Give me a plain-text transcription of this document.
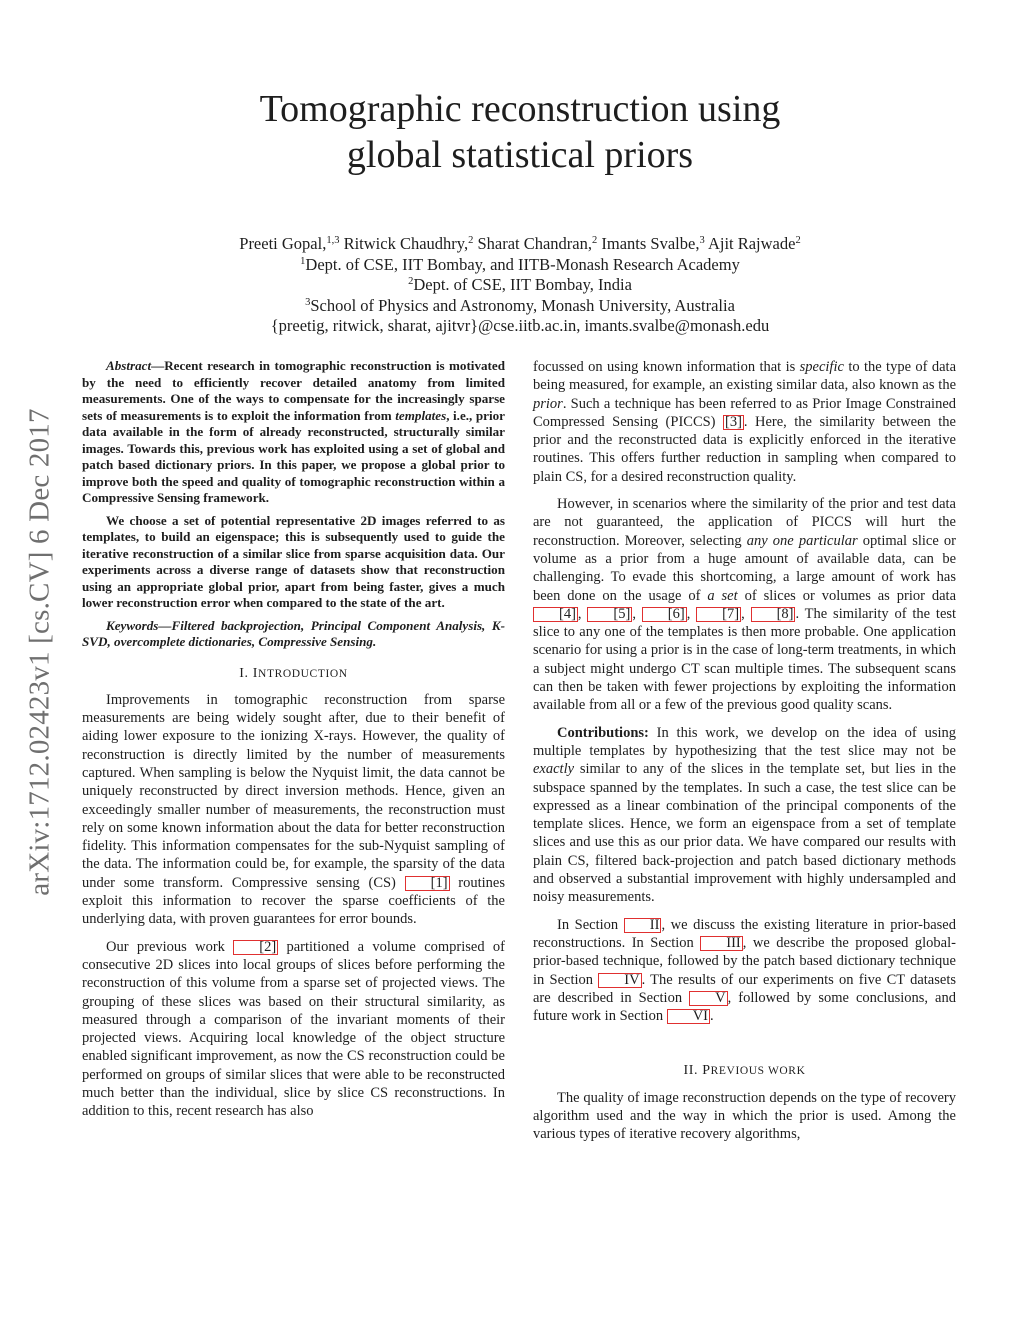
arXiv:1712.02423v1 [cs.CV] 6 Dec 2017
Tomographic reconstruction using
global statistical priors
Preeti Gopal,$^{1,3}$ Ritwick Chaudhry,$^2$ Sharat Chandran,$^2$ Imants Svalbe,$^3$ Ajit Rajwade$^2$
$^1$Dept. of CSE, IIT Bombay, and IITB-Monash Research Academy
$^2$Dept. of CSE, IIT Bombay, India
$^3$School of Physics and Astronomy, Monash University, Australia
{preetig, ritwick, sharat, ajitvr}@cse.iitb.ac.in, imants.svalbe@monash.edu

Abstract—Recent research in tomographic reconstruction is motivated by the need to efficiently recover detailed anatomy from limited measurements. One of the ways to compensate for the increasingly sparse sets of measurements is to exploit the information from templates, i.e., prior data available in the form of already reconstructed, structurally similar images. Towards this, previous work has exploited using a set of global and patch based dictionary priors. In this paper, we propose a global prior to improve both the speed and quality of tomographic reconstruction within a Compressive Sensing framework.

We choose a set of potential representative 2D images referred to as templates, to build an eigenspace; this is subsequently used to guide the iterative reconstruction of a similar slice from sparse acquisition data. Our experiments across a diverse range of datasets show that reconstruction using an appropriate global prior, apart from being faster, gives a much lower reconstruction error when compared to the state of the art.

Keywords—Filtered backprojection, Principal Component Analysis, K-SVD, overcomplete dictionaries, Compressive Sensing.

I. INTRODUCTION

Improvements in tomographic reconstruction from sparse measurements are being widely sought after, due to their benefit of aiding lower exposure to the ionizing X-rays. However, the quality of reconstruction is directly limited by the number of measurements captured. When sampling is below the Nyquist limit, the data cannot be uniquely reconstructed by direct inversion methods. Hence, given an exceedingly smaller number of measurements, the reconstruction must rely on some known information about the data for better reconstruction fidelity. This information compensates for the sub-Nyquist sampling of the data. The information could be, for example, the sparsity of the data under some transform. Compressive sensing (CS) [1] routines exploit this information to recover the sparse coefficients of the underlying data, with proven guarantees for error bounds.

Our previous work [2] partitioned a volume comprised of consecutive 2D slices into local groups of slices before performing the reconstruction of this volume from a sparse set of projected views. The grouping of these slices was based on their structural similarity, as measured through a comparison of the invariant moments of their projected views. Acquiring local knowledge of the object structure enabled significant improvement, as now the CS reconstruction could be performed on groups of similar slices that were able to be reconstructed much better than the individual, slice by slice CS reconstructions. In addition to this, recent research has also

focussed on using known information that is specific to the type of data being measured, for example, an existing similar data, also known as the prior. Such a technique has been referred to as Prior Image Constrained Compressed Sensing (PICCS) [3] . Here, the similarity between the prior and the reconstructed data is explicitly enforced in the iterative routines. This offers further reduction in sampling when compared to plain CS, for a desired reconstruction quality.

However, in scenarios where the similarity of the prior and test data are not guaranteed, the application of PICCS will hurt the reconstruction. Moreover, selecting any one particular optimal slice or volume as a prior from a huge amount of available data, can be challenging. To evade this shortcoming, a large amount of work has been done on the usage of a set of slices or volumes as prior data [4] , [5] , [6] , [7] , [8] . The similarity of the test slice to any one of the templates is then more probable. One application scenario for using a prior is in the case of long-term treatments, in which a subject might undergo CT scan multiple times. The subsequent scans can then be taken with fewer projections by exploiting the information available from all or a few of the previous good quality scans.

Contributions: In this work, we develop on the idea of using multiple templates by hypothesizing that the test slice may not be exactly similar to any of the slices in the template set, but lies in the subspace spanned by the templates. In such a case, the test slice can be expressed as a linear combination of the principal components of the template slices. Hence, we form an eigenspace from a set of template slices and use this as our prior data. We have compared our results with plain CS, filtered back-projection and patch based dictionary methods and observed a substantial improvement with highly undersampled and noisy measurements.

In Section II , we discuss the existing literature in prior-based reconstructions. In Section III , we describe the proposed global-prior-based technique, followed by the patch based dictionary technique in Section IV . The results of our experiments on five CT datasets are described in Section V , followed by some conclusions, and future work in Section VI .

II. PREVIOUS WORK

The quality of image reconstruction depends on the type of recovery algorithm used and the way in which the prior is used. Among the various types of iterative recovery algorithms,
